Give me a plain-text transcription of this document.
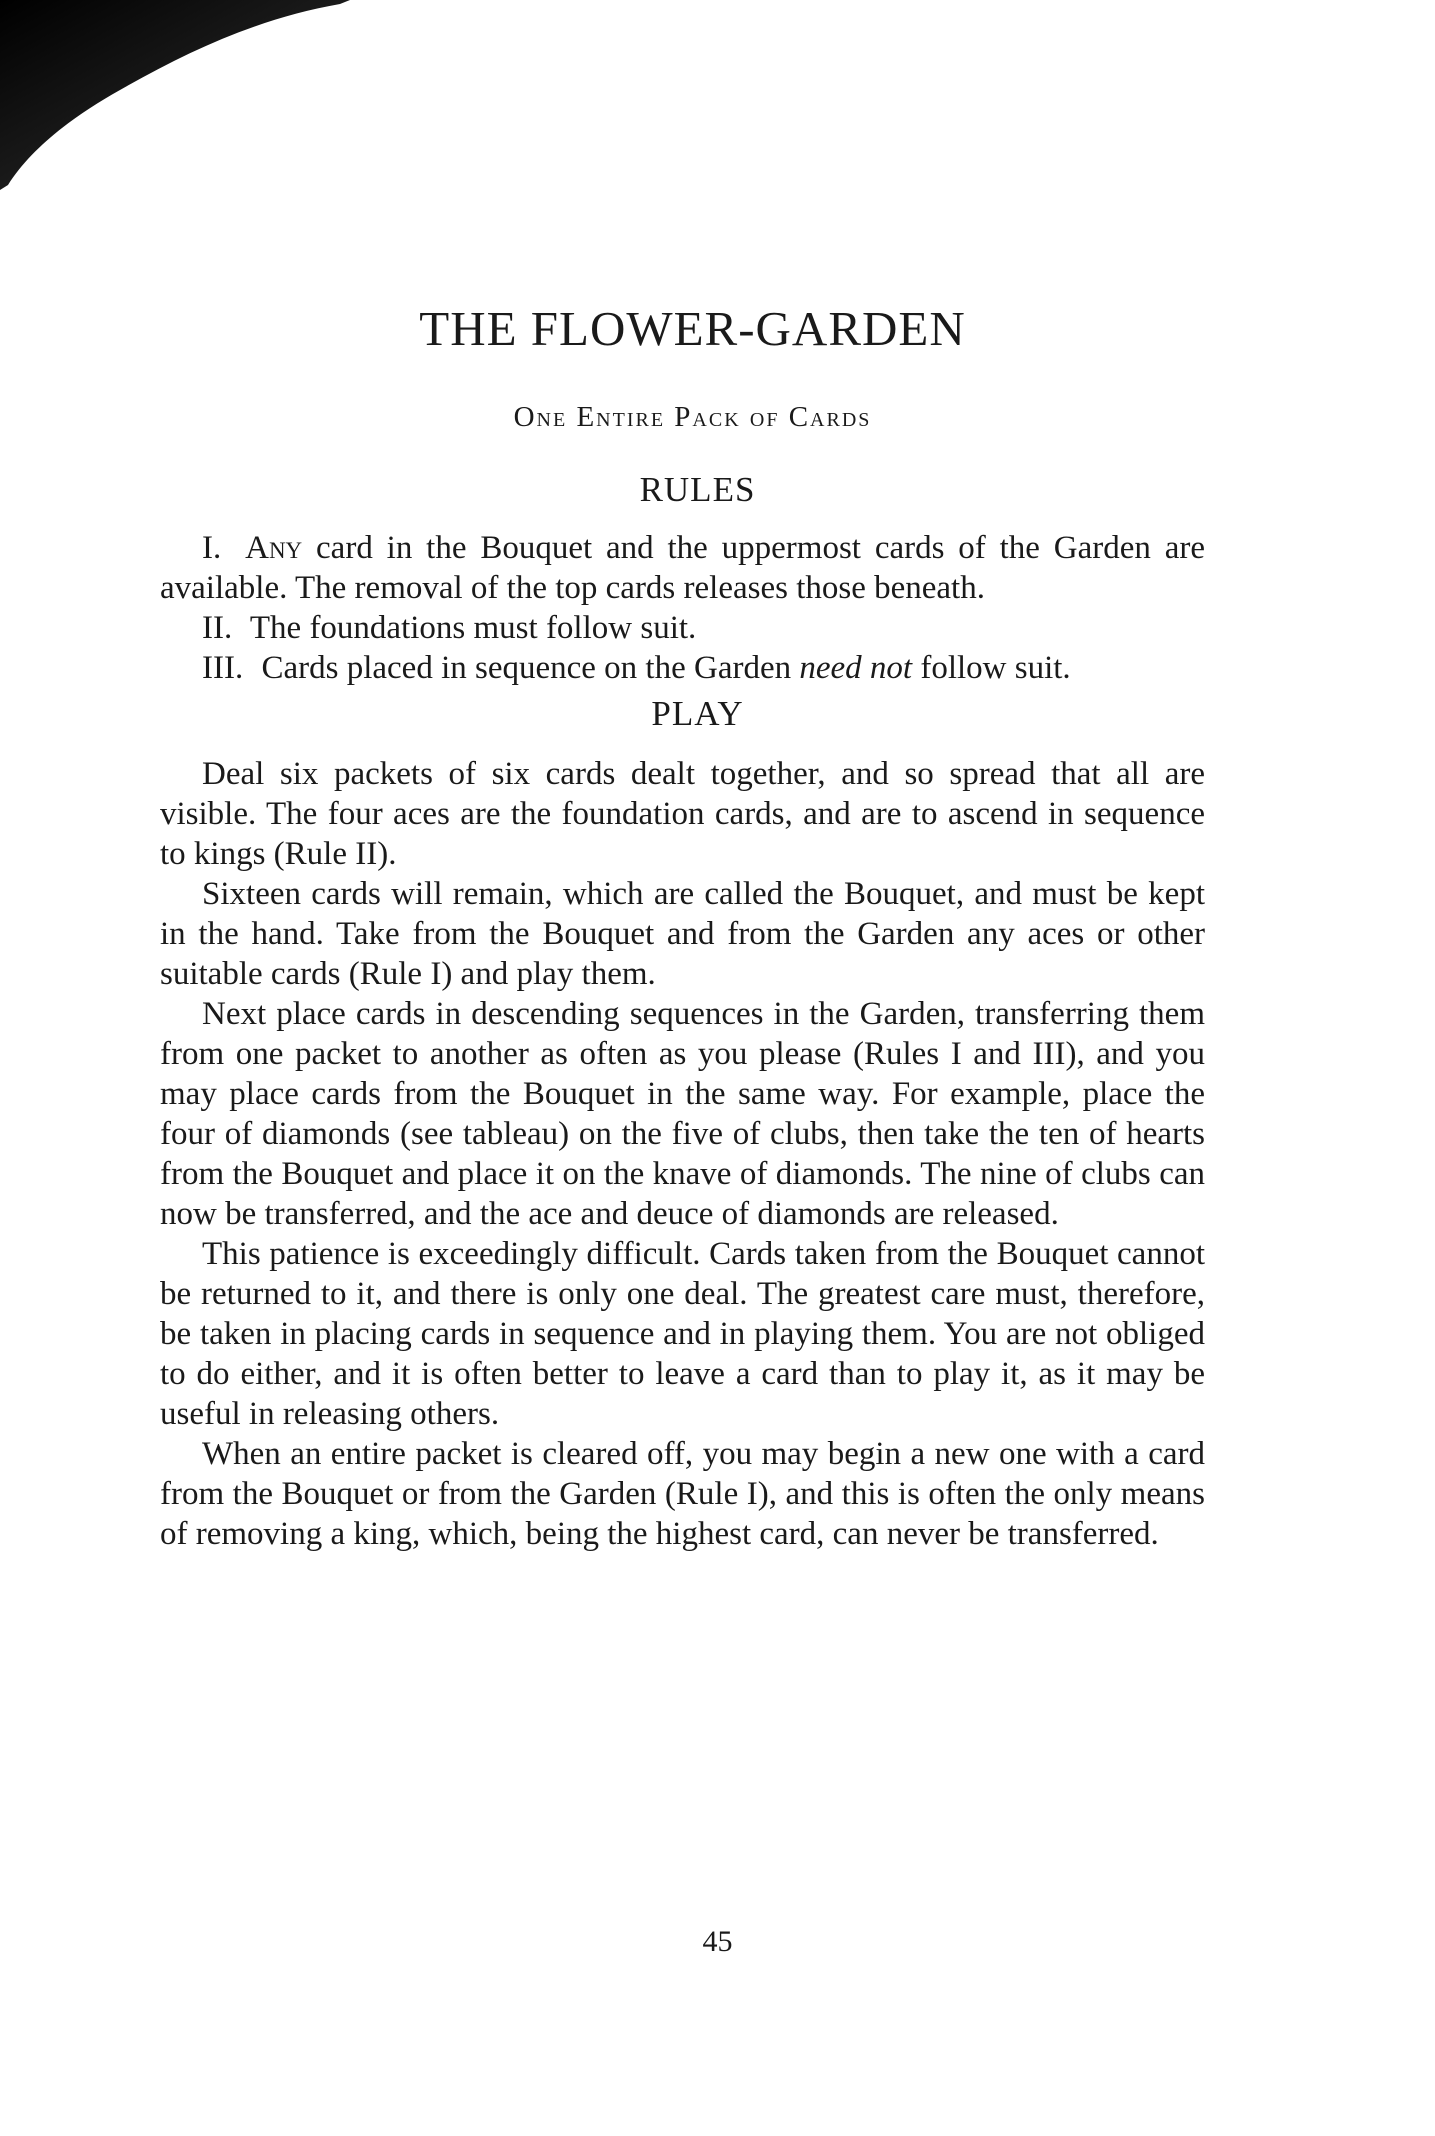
THE FLOWER-GARDEN
One Entire Pack of Cards
RULES

I. Any card in the Bouquet and the uppermost cards of the Garden are available. The removal of the top cards releases those beneath.

II. The foundations must follow suit.

III. Cards placed in sequence on the Garden need not follow suit.

PLAY

Deal six packets of six cards dealt together, and so spread that all are visible. The four aces are the foundation cards, and are to ascend in sequence to kings (Rule II).

Sixteen cards will remain, which are called the Bouquet, and must be kept in the hand. Take from the Bouquet and from the Garden any aces or other suitable cards (Rule I) and play them.

Next place cards in descending sequences in the Garden, transferring them from one packet to another as often as you please (Rules I and III), and you may place cards from the Bouquet in the same way. For example, place the four of diamonds (see tableau) on the five of clubs, then take the ten of hearts from the Bouquet and place it on the knave of diamonds. The nine of clubs can now be transferred, and the ace and deuce of diamonds are released.

This patience is exceedingly difficult. Cards taken from the Bouquet cannot be returned to it, and there is only one deal. The greatest care must, therefore, be taken in placing cards in sequence and in playing them. You are not obliged to do either, and it is often better to leave a card than to play it, as it may be useful in releasing others.

When an entire packet is cleared off, you may begin a new one with a card from the Bouquet or from the Garden (Rule I), and this is often the only means of removing a king, which, being the highest card, can never be transferred.

45
